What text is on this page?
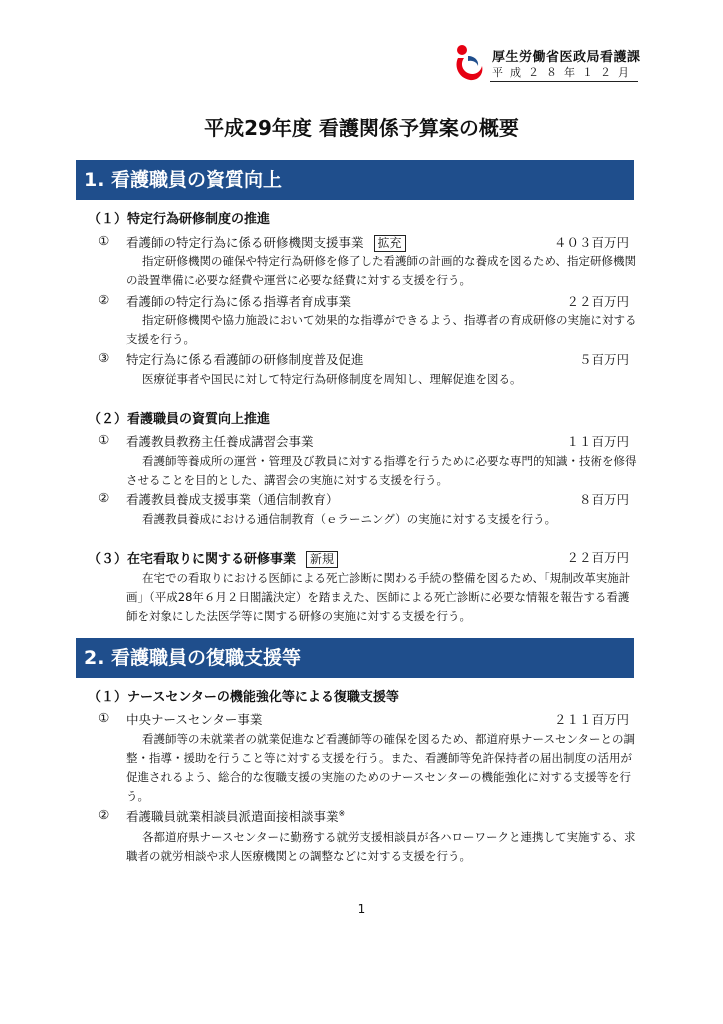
厚生労働省医政局看護課
平成２８年１２月
平成29年度 看護関係予算案の概要
1. 看護職員の資質向上
（１）特定行為研修制度の推進
① 看護師の特定行為に係る研修機関支援事業 拡充	４０３百万円
指定研修機関の確保や特定行為研修を修了した看護師の計画的な養成を図るため、指定研修機関の設置準備に必要な経費や運営に必要な経費に対する支援を行う。
② 看護師の特定行為に係る指導者育成事業	２２百万円
指定研修機関や協力施設において効果的な指導ができるよう、指導者の育成研修の実施に対する支援を行う。
③ 特定行為に係る看護師の研修制度普及促進	５百万円
医療従事者や国民に対して特定行為研修制度を周知し、理解促進を図る。
（２）看護職員の資質向上推進
① 看護教員教務主任養成講習会事業	１１百万円
看護師等養成所の運営・管理及び教員に対する指導を行うために必要な専門的知識・技術を修得させることを目的とした、講習会の実施に対する支援を行う。
② 看護教員養成支援事業（通信制教育）	８百万円
看護教員養成における通信制教育（ｅラーニング）の実施に対する支援を行う。
（３）在宅看取りに関する研修事業 新規	２２百万円
在宅での看取りにおける医師による死亡診断に関わる手続の整備を図るため、「規制改革実施計画」（平成28年６月２日閣議決定）を踏まえた、医師による死亡診断に必要な情報を報告する看護師を対象にした法医学等に関する研修の実施に対する支援を行う。
2. 看護職員の復職支援等
（１）ナースセンターの機能強化等による復職支援等
① 中央ナースセンター事業	２１１百万円
看護師等の未就業者の就業促進など看護師等の確保を図るため、都道府県ナースセンターとの調整・指導・援助を行うこと等に対する支援を行う。また、看護師等免許保持者の届出制度の活用が促進されるよう、総合的な復職支援の実施のためのナースセンターの機能強化に対する支援等を行う。
② 看護職員就業相談員派遣面接相談事業※
各都道府県ナースセンターに勤務する就労支援相談員が各ハローワークと連携して実施する、求職者の就労相談や求人医療機関との調整などに対する支援を行う。
1
